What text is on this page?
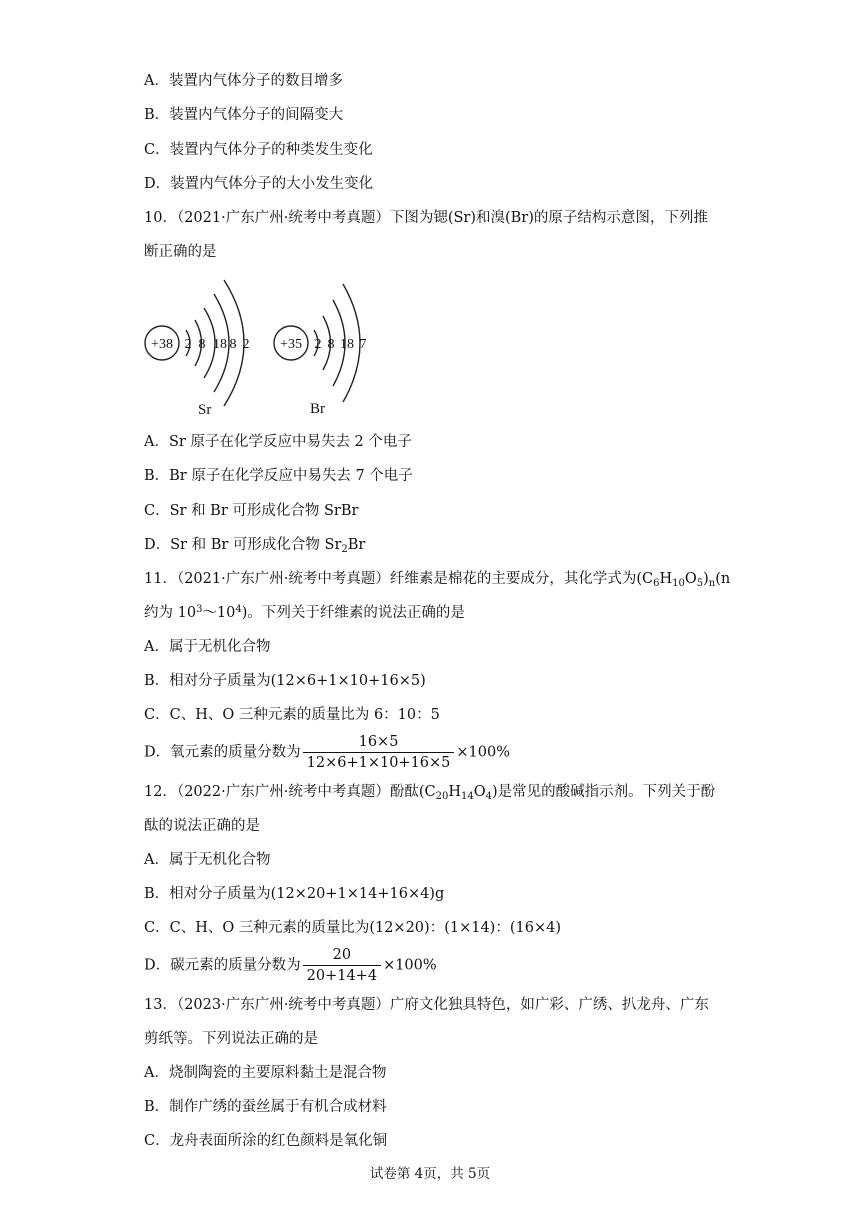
A．装置内气体分子的数目增多
B．装置内气体分子的间隔变大
C．装置内气体分子的种类发生变化
D．装置内气体分子的大小发生变化
10．（2021·广东广州·统考中考真题）下图为锶(Sr)和溴(Br)的原子结构示意图，下列推
断正确的是
+38 2 8 18 8 2
Sr
+35 2 8 18 7
Br
A．Sr 原子在化学反应中易失去 2 个电子
B．Br 原子在化学反应中易失去 7 个电子
C．Sr 和 Br 可形成化合物 SrBr
D．Sr 和 Br 可形成化合物 $Sr_2Br$
11．（2021·广东广州·统考中考真题）纤维素是棉花的主要成分，其化学式为$(C_6H_{10}O_5)_n(n$
约为 $10^3\sim 10^4$)。下列关于纤维素的说法正确的是
A．属于无机化合物
B．相对分子质量为(12×6+1×10+16×5)
C．C、H、O 三种元素的质量比为 6：10：5
D．氧元素的质量分数为 $\frac{16\times 5}{12\times 6+1\times 10+16\times 5} \times 100\%$
12．（2022·广东广州·统考中考真题）酚酞$(C_{20}H_{14}O_4)$是常见的酸碱指示剂。下列关于酚
酞的说法正确的是
A．属于无机化合物
B．相对分子质量为(12×20+1×14+16×4)g
C．C、H、O 三种元素的质量比为(12×20)：(1×14)：(16×4)
D．碳元素的质量分数为 $\frac{20}{20+14+4} \times 100\%$
13．（2023·广东广州·统考中考真题）广府文化独具特色，如广彩、广绣、扒龙舟、广东
剪纸等。下列说法正确的是
A．烧制陶瓷的主要原料黏土是混合物
B．制作广绣的蚕丝属于有机合成材料
C．龙舟表面所涂的红色颜料是氧化铜
试卷第 4页，共 5页
